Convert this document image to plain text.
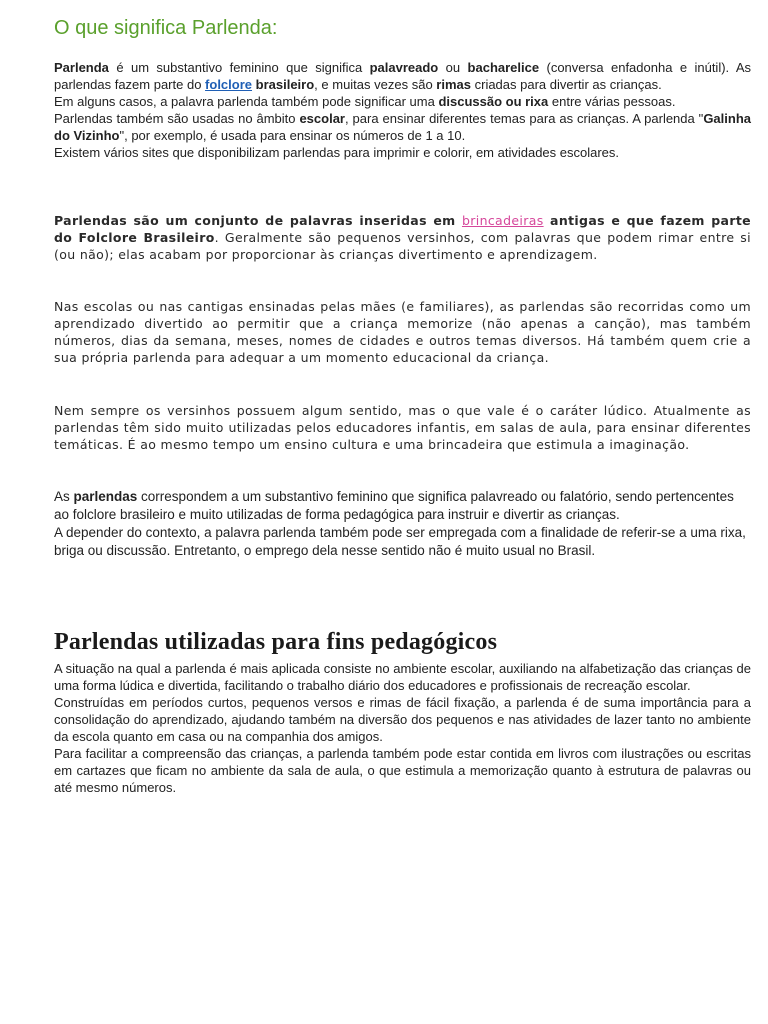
O que significa Parlenda:

Parlenda é um substantivo feminino que significa palavreado ou bacharelice (conversa enfadonha e inútil). As parlendas fazem parte do folclore brasileiro, e muitas vezes são rimas criadas para divertir as crianças.

Em alguns casos, a palavra parlenda também pode significar uma discussão ou rixa entre várias pessoas.

Parlendas também são usadas no âmbito escolar, para ensinar diferentes temas para as crianças. A parlenda "Galinha do Vizinho", por exemplo, é usada para ensinar os números de 1 a 10.

Existem vários sites que disponibilizam parlendas para imprimir e colorir, em atividades escolares.

Parlendas são um conjunto de palavras inseridas em brincadeiras antigas e que fazem parte do Folclore Brasileiro. Geralmente são pequenos versinhos, com palavras que podem rimar entre si (ou não); elas acabam por proporcionar às crianças divertimento e aprendizagem.

Nas escolas ou nas cantigas ensinadas pelas mães (e familiares), as parlendas são recorridas como um aprendizado divertido ao permitir que a criança memorize (não apenas a canção), mas também números, dias da semana, meses, nomes de cidades e outros temas diversos. Há também quem crie a sua própria parlenda para adequar a um momento educacional da criança.

Nem sempre os versinhos possuem algum sentido, mas o que vale é o caráter lúdico. Atualmente as parlendas têm sido muito utilizadas pelos educadores infantis, em salas de aula, para ensinar diferentes temáticas. É ao mesmo tempo um ensino cultura e uma brincadeira que estimula a imaginação.

As parlendas correspondem a um substantivo feminino que significa palavreado ou falatório, sendo pertencentes ao folclore brasileiro e muito utilizadas de forma pedagógica para instruir e divertir as crianças.

A depender do contexto, a palavra parlenda também pode ser empregada com a finalidade de referir-se a uma rixa, briga ou discussão. Entretanto, o emprego dela nesse sentido não é muito usual no Brasil.

Parlendas utilizadas para fins pedagógicos

A situação na qual a parlenda é mais aplicada consiste no ambiente escolar, auxiliando na alfabetização das crianças de uma forma lúdica e divertida, facilitando o trabalho diário dos educadores e profissionais de recreação escolar.

Construídas em períodos curtos, pequenos versos e rimas de fácil fixação, a parlenda é de suma importância para a consolidação do aprendizado, ajudando também na diversão dos pequenos e nas atividades de lazer tanto no ambiente da escola quanto em casa ou na companhia dos amigos.

Para facilitar a compreensão das crianças, a parlenda também pode estar contida em livros com ilustrações ou escritas em cartazes que ficam no ambiente da sala de aula, o que estimula a memorização quanto à estrutura de palavras ou até mesmo números.
